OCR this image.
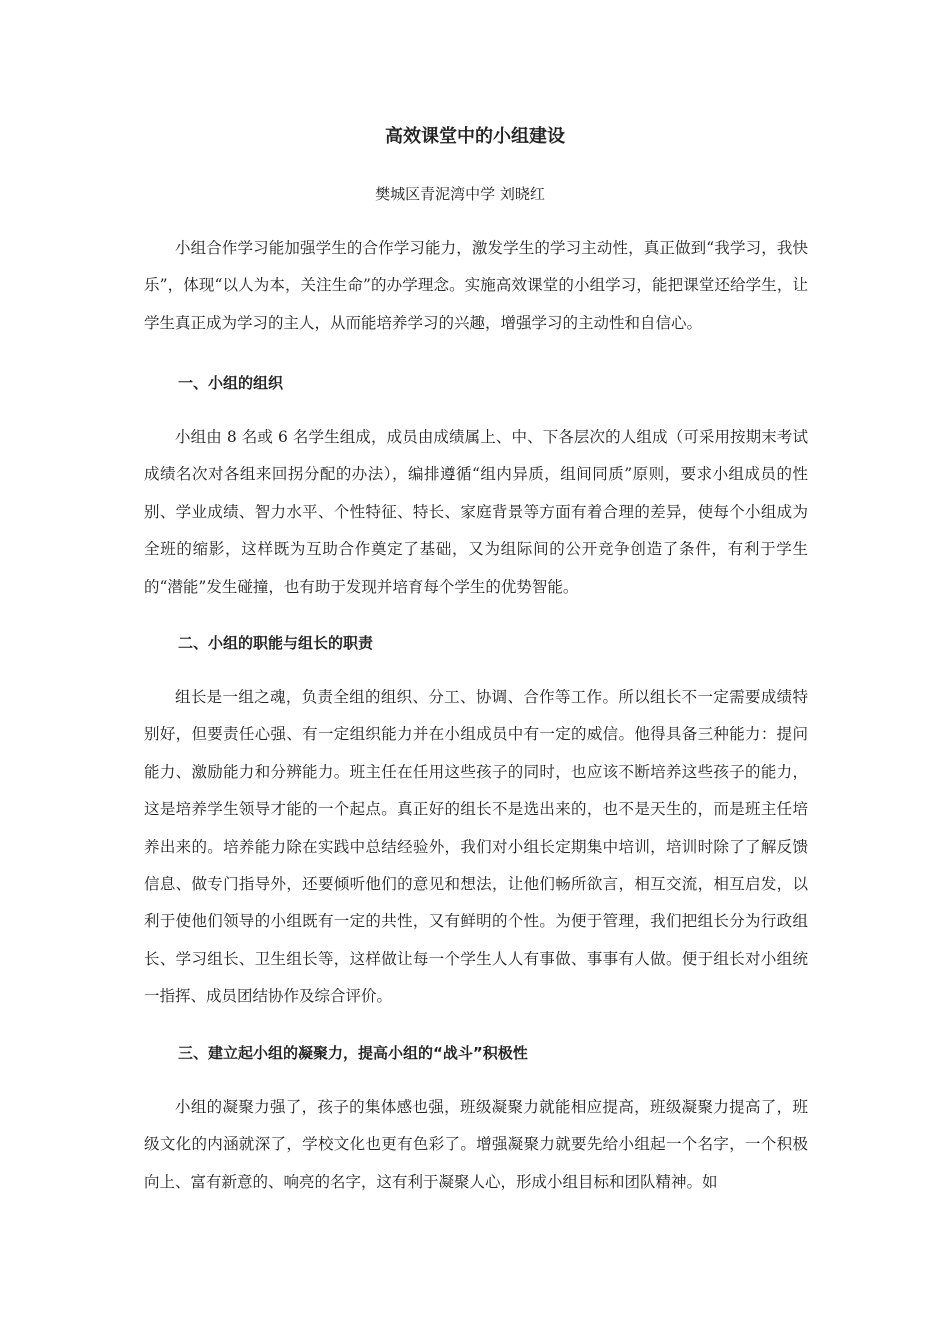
高效课堂中的小组建设

樊城区青泥湾中学 刘晓红

小组合作学习能加强学生的合作学习能力，激发学生的学习主动性，真正做到“我学习，我快乐”，体现“以人为本，关注生命”的办学理念。实施高效课堂的小组学习，能把课堂还给学生，让学生真正成为学习的主人，从而能培养学习的兴趣，增强学习的主动性和自信心。

一、小组的组织

小组由 8 名或 6 名学生组成，成员由成绩属上、中、下各层次的人组成（可采用按期末考试成绩名次对各组来回拐分配的办法），编排遵循“组内异质，组间同质”原则，要求小组成员的性别、学业成绩、智力水平、个性特征、特长、家庭背景等方面有着合理的差异，使每个小组成为全班的缩影，这样既为互助合作奠定了基础，又为组际间的公开竞争创造了条件，有利于学生的“潜能”发生碰撞，也有助于发现并培育每个学生的优势智能。

二、小组的职能与组长的职责

组长是一组之魂，负责全组的组织、分工、协调、合作等工作。所以组长不一定需要成绩特别好，但要责任心强、有一定组织能力并在小组成员中有一定的威信。他得具备三种能力：提问能力、激励能力和分辨能力。班主任在任用这些孩子的同时，也应该不断培养这些孩子的能力，这是培养学生领导才能的一个起点。真正好的组长不是选出来的，也不是天生的，而是班主任培养出来的。培养能力除在实践中总结经验外，我们对小组长定期集中培训，培训时除了了解反馈信息、做专门指导外，还要倾听他们的意见和想法，让他们畅所欲言，相互交流，相互启发，以利于使他们领导的小组既有一定的共性，又有鲜明的个性。为便于管理，我们把组长分为行政组长、学习组长、卫生组长等，这样做让每一个学生人人有事做、事事有人做。便于组长对小组统一指挥、成员团结协作及综合评价。

三、建立起小组的凝聚力，提高小组的“战斗”积极性

小组的凝聚力强了，孩子的集体感也强，班级凝聚力就能相应提高，班级凝聚力提高了，班级文化的内涵就深了，学校文化也更有色彩了。增强凝聚力就要先给小组起一个名字，一个积极向上、富有新意的、响亮的名字，这有利于凝聚人心，形成小组目标和团队精神。如
